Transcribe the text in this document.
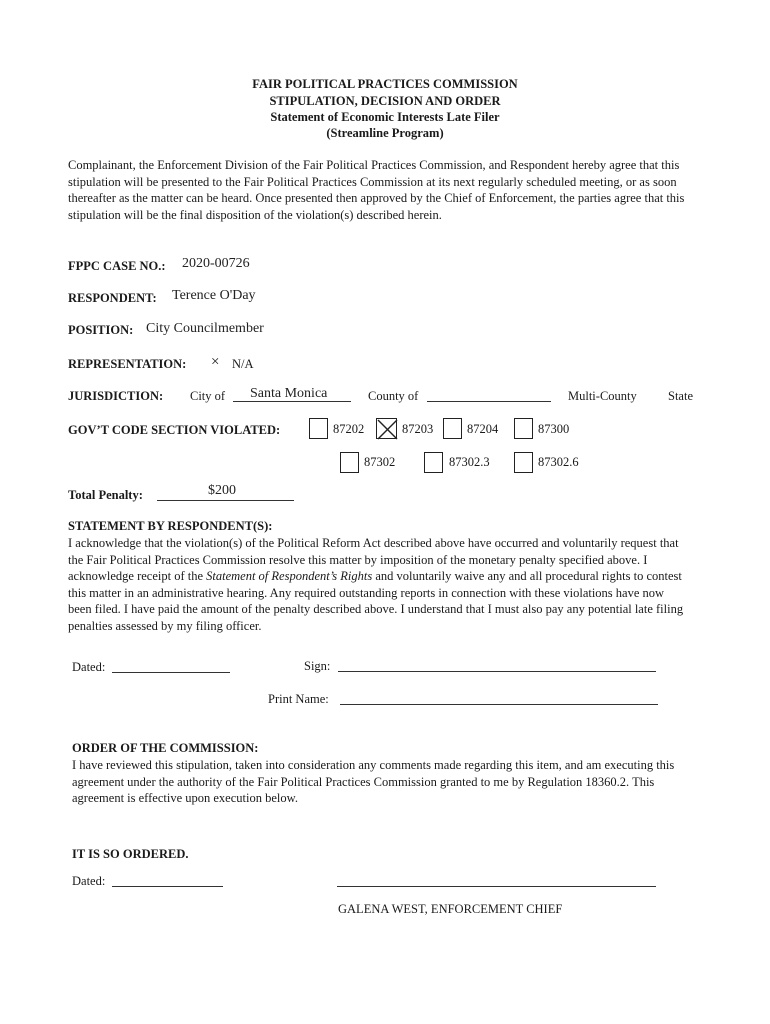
FAIR POLITICAL PRACTICES COMMISSION
STIPULATION, DECISION AND ORDER
Statement of Economic Interests Late Filer
(Streamline Program)
Complainant, the Enforcement Division of the Fair Political Practices Commission, and Respondent hereby agree that this stipulation will be presented to the Fair Political Practices Commission at its next regularly scheduled meeting, or as soon thereafter as the matter can be heard. Once presented then approved by the Chief of Enforcement, the parties agree that this stipulation will be the final disposition of the violation(s) described herein.
FPPC CASE NO.: 2020-00726
RESPONDENT: Terence O'Day
POSITION: City Councilmember
REPRESENTATION: × N/A
JURISDICTION: City of Santa Monica	County of	Multi-County State
GOV’T CODE SECTION VIOLATED:	87202	87203	87204	87300
87302	87302.3	87302.6
Total Penalty:	$200
STATEMENT BY RESPONDENT(S):
I acknowledge that the violation(s) of the Political Reform Act described above have occurred and voluntarily request that the Fair Political Practices Commission resolve this matter by imposition of the monetary penalty specified above. I acknowledge receipt of the Statement of Respondent’s Rights and voluntarily waive any and all procedural rights to contest this matter in an administrative hearing. Any required outstanding reports in connection with these violations have now been filed. I have paid the amount of the penalty described above. I understand that I must also pay any potential late filing penalties assessed by my filing officer.
Dated:	Sign:
Print Name:
ORDER OF THE COMMISSION:
I have reviewed this stipulation, taken into consideration any comments made regarding this item, and am executing this agreement under the authority of the Fair Political Practices Commission granted to me by Regulation 18360.2. This agreement is effective upon execution below.
IT IS SO ORDERED.
Dated:
GALENA WEST, ENFORCEMENT CHIEF
